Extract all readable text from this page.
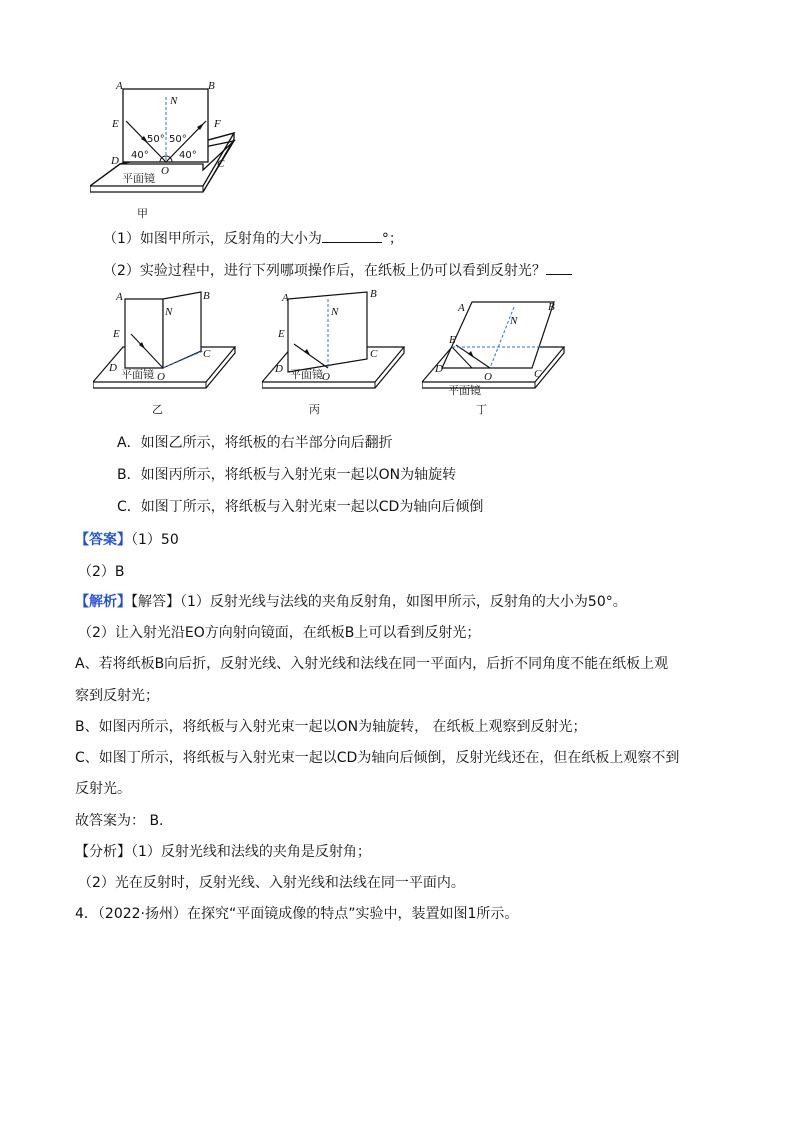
A	B
N
E	F
D
O
C
50° 50°
40°	40°
平面镜
甲
（1）如图甲所示，反射角的大小为	°；
（2）实验过程中，进行下列哪项操作后，在纸板上仍可以看到反射光？
A	B
N
E
D
O
C
平面镜
乙
A	B
N
E
D
O
C
平面镜
丙
A	B
N
E
D
O	C
平面镜
丁
A．如图乙所示，将纸板的右半部分向后翻折
B．如图丙所示，将纸板与入射光束一起以ON为轴旋转
C．如图丁所示，将纸板与入射光束一起以CD为轴向后倾倒
【答案】（1）50
（2）B
【解析】【解答】（1）反射光线与法线的夹角反射角，如图甲所示，反射角的大小为50°。
（2）让入射光沿EO方向射向镜面，在纸板B上可以看到反射光；
A、若将纸板B向后折，反射光线、入射光线和法线在同一平面内，后折不同角度不能在纸板上观
察到反射光；
B、如图丙所示，将纸板与入射光束一起以ON为轴旋转， 在纸板上观察到反射光；
C、如图丁所示，将纸板与入射光束一起以CD为轴向后倾倒，反射光线还在，但在纸板上观察不到
反射光。
故答案为： B.
【分析】（1）反射光线和法线的夹角是反射角；
（2）光在反射时，反射光线、入射光线和法线在同一平面内。
4．（2022·扬州）在探究“平面镜成像的特点”实验中，装置如图1所示。
